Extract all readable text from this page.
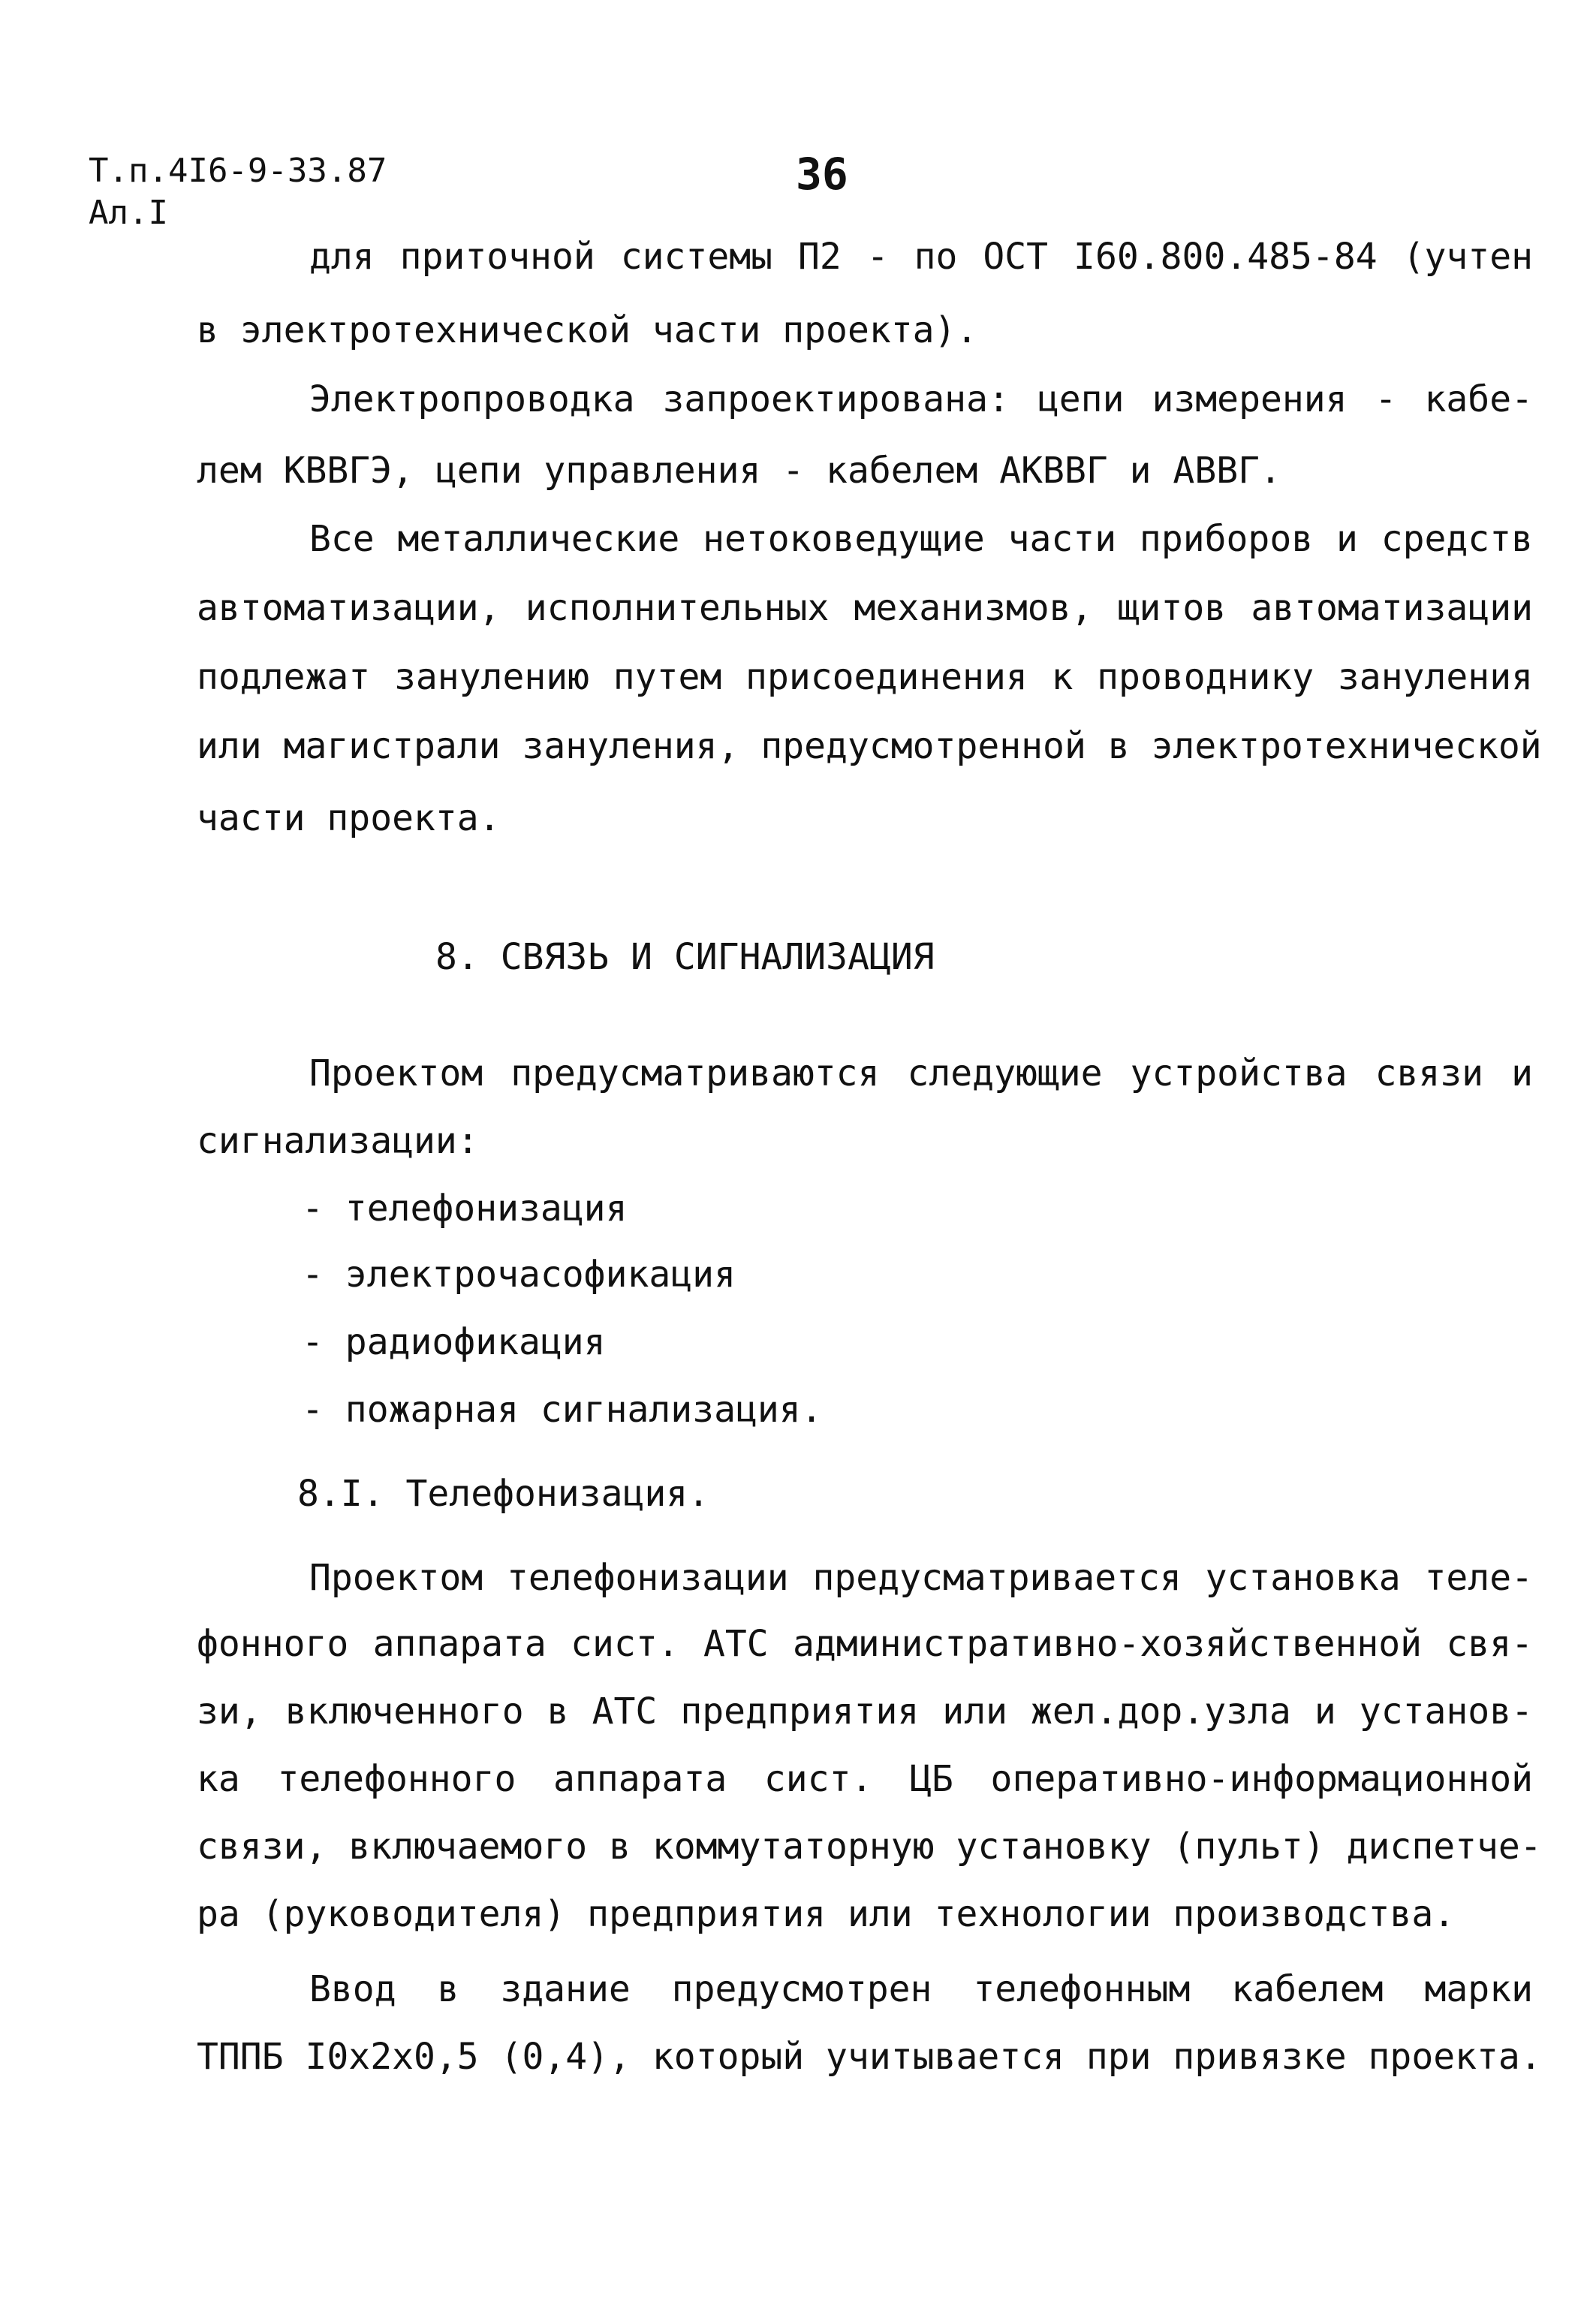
Т.п.4I6-9-33.87
Ал.I
36
для приточной системы П2 - по ОСТ I60.800.485-84 (учтен
в электротехнической части проекта).
Электропроводка запроектирована: цепи измерения - кабе-
лем КВВГЭ, цепи управления - кабелем АКВВГ и АВВГ.
Все металлические нетоковедущие части приборов и средств
автоматизации, исполнительных механизмов, щитов автоматизации
подлежат занулению путем присоединения к проводнику зануления
или магистрали зануления, предусмотренной в электротехнической
части проекта.
8. СВЯЗЬ И СИГНАЛИЗАЦИЯ
Проектом предусматриваются следующие устройства связи и
сигнализации:
- телефонизация
- электрочасофикация
- радиофикация
- пожарная сигнализация.
8.I. Телефонизация.
Проектом телефонизации предусматривается установка теле-
фонного аппарата сист. АТС административно-хозяйственной свя-
зи, включенного в АТС предприятия или жел.дор.узла и установ-
ка телефонного аппарата сист. ЦБ оперативно-информационной
связи, включаемого в коммутаторную установку (пульт) диспетче-
ра (руководителя) предприятия или технологии производства.
Ввод в здание предусмотрен телефонным кабелем марки
ТППБ I0x2x0,5 (0,4), который учитывается при привязке проекта.
